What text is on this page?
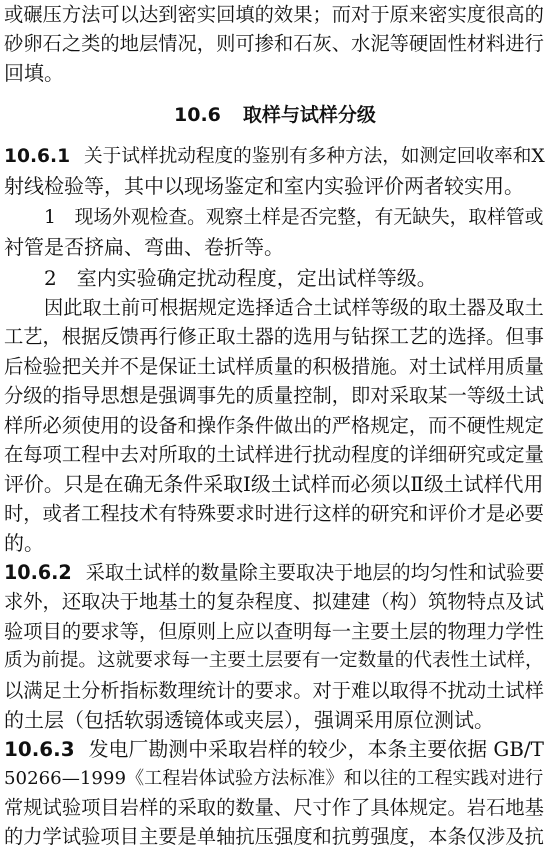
或碾压方法可以达到密实回填的效果；而对于原来密实度很高的
砂卵石之类的地层情况，则可掺和石灰、水泥等硬固性材料进行
回填。
10.6 取样与试样分级
10.6.1 关于试样扰动程度的鉴别有多种方法，如测定回收率和X
射线检验等，其中以现场鉴定和室内实验评价两者较实用。
1　现场外观检查。观察土样是否完整，有无缺失，取样管或
衬管是否挤扁、弯曲、卷折等。
2　室内实验确定扰动程度，定出试样等级。
因此取土前可根据规定选择适合土试样等级的取土器及取土
工艺，根据反馈再行修正取土器的选用与钻探工艺的选择。但事
后检验把关并不是保证土试样质量的积极措施。对土试样用质量
分级的指导思想是强调事先的质量控制，即对采取某一等级土试
样所必须使用的设备和操作条件做出的严格规定，而不硬性规定
在每项工程中去对所取的土试样进行扰动程度的详细研究或定量
评价。只是在确无条件采取Ⅰ级土试样而必须以Ⅱ级土试样代用
时，或者工程技术有特殊要求时进行这样的研究和评价才是必要
的。
10.6.2 采取土试样的数量除主要取决于地层的均匀性和试验要
求外，还取决于地基土的复杂程度、拟建建（构）筑物特点及试
验项目的要求等，但原则上应以查明每一主要土层的物理力学性
质为前提。这就要求每一主要土层要有一定数量的代表性土试样，
以满足土分析指标数理统计的要求。对于难以取得不扰动土试样
的土层（包括软弱透镜体或夹层），强调采用原位测试。
10.6.3 发电厂勘测中采取岩样的较少，本条主要依据 GB/T
50266—1999《工程岩体试验方法标准》和以往的工程实践对进行
常规试验项目岩样的采取的数量、尺寸作了具体规定。岩石地基
的力学试验项目主要是单轴抗压强度和抗剪强度，本条仅涉及抗
